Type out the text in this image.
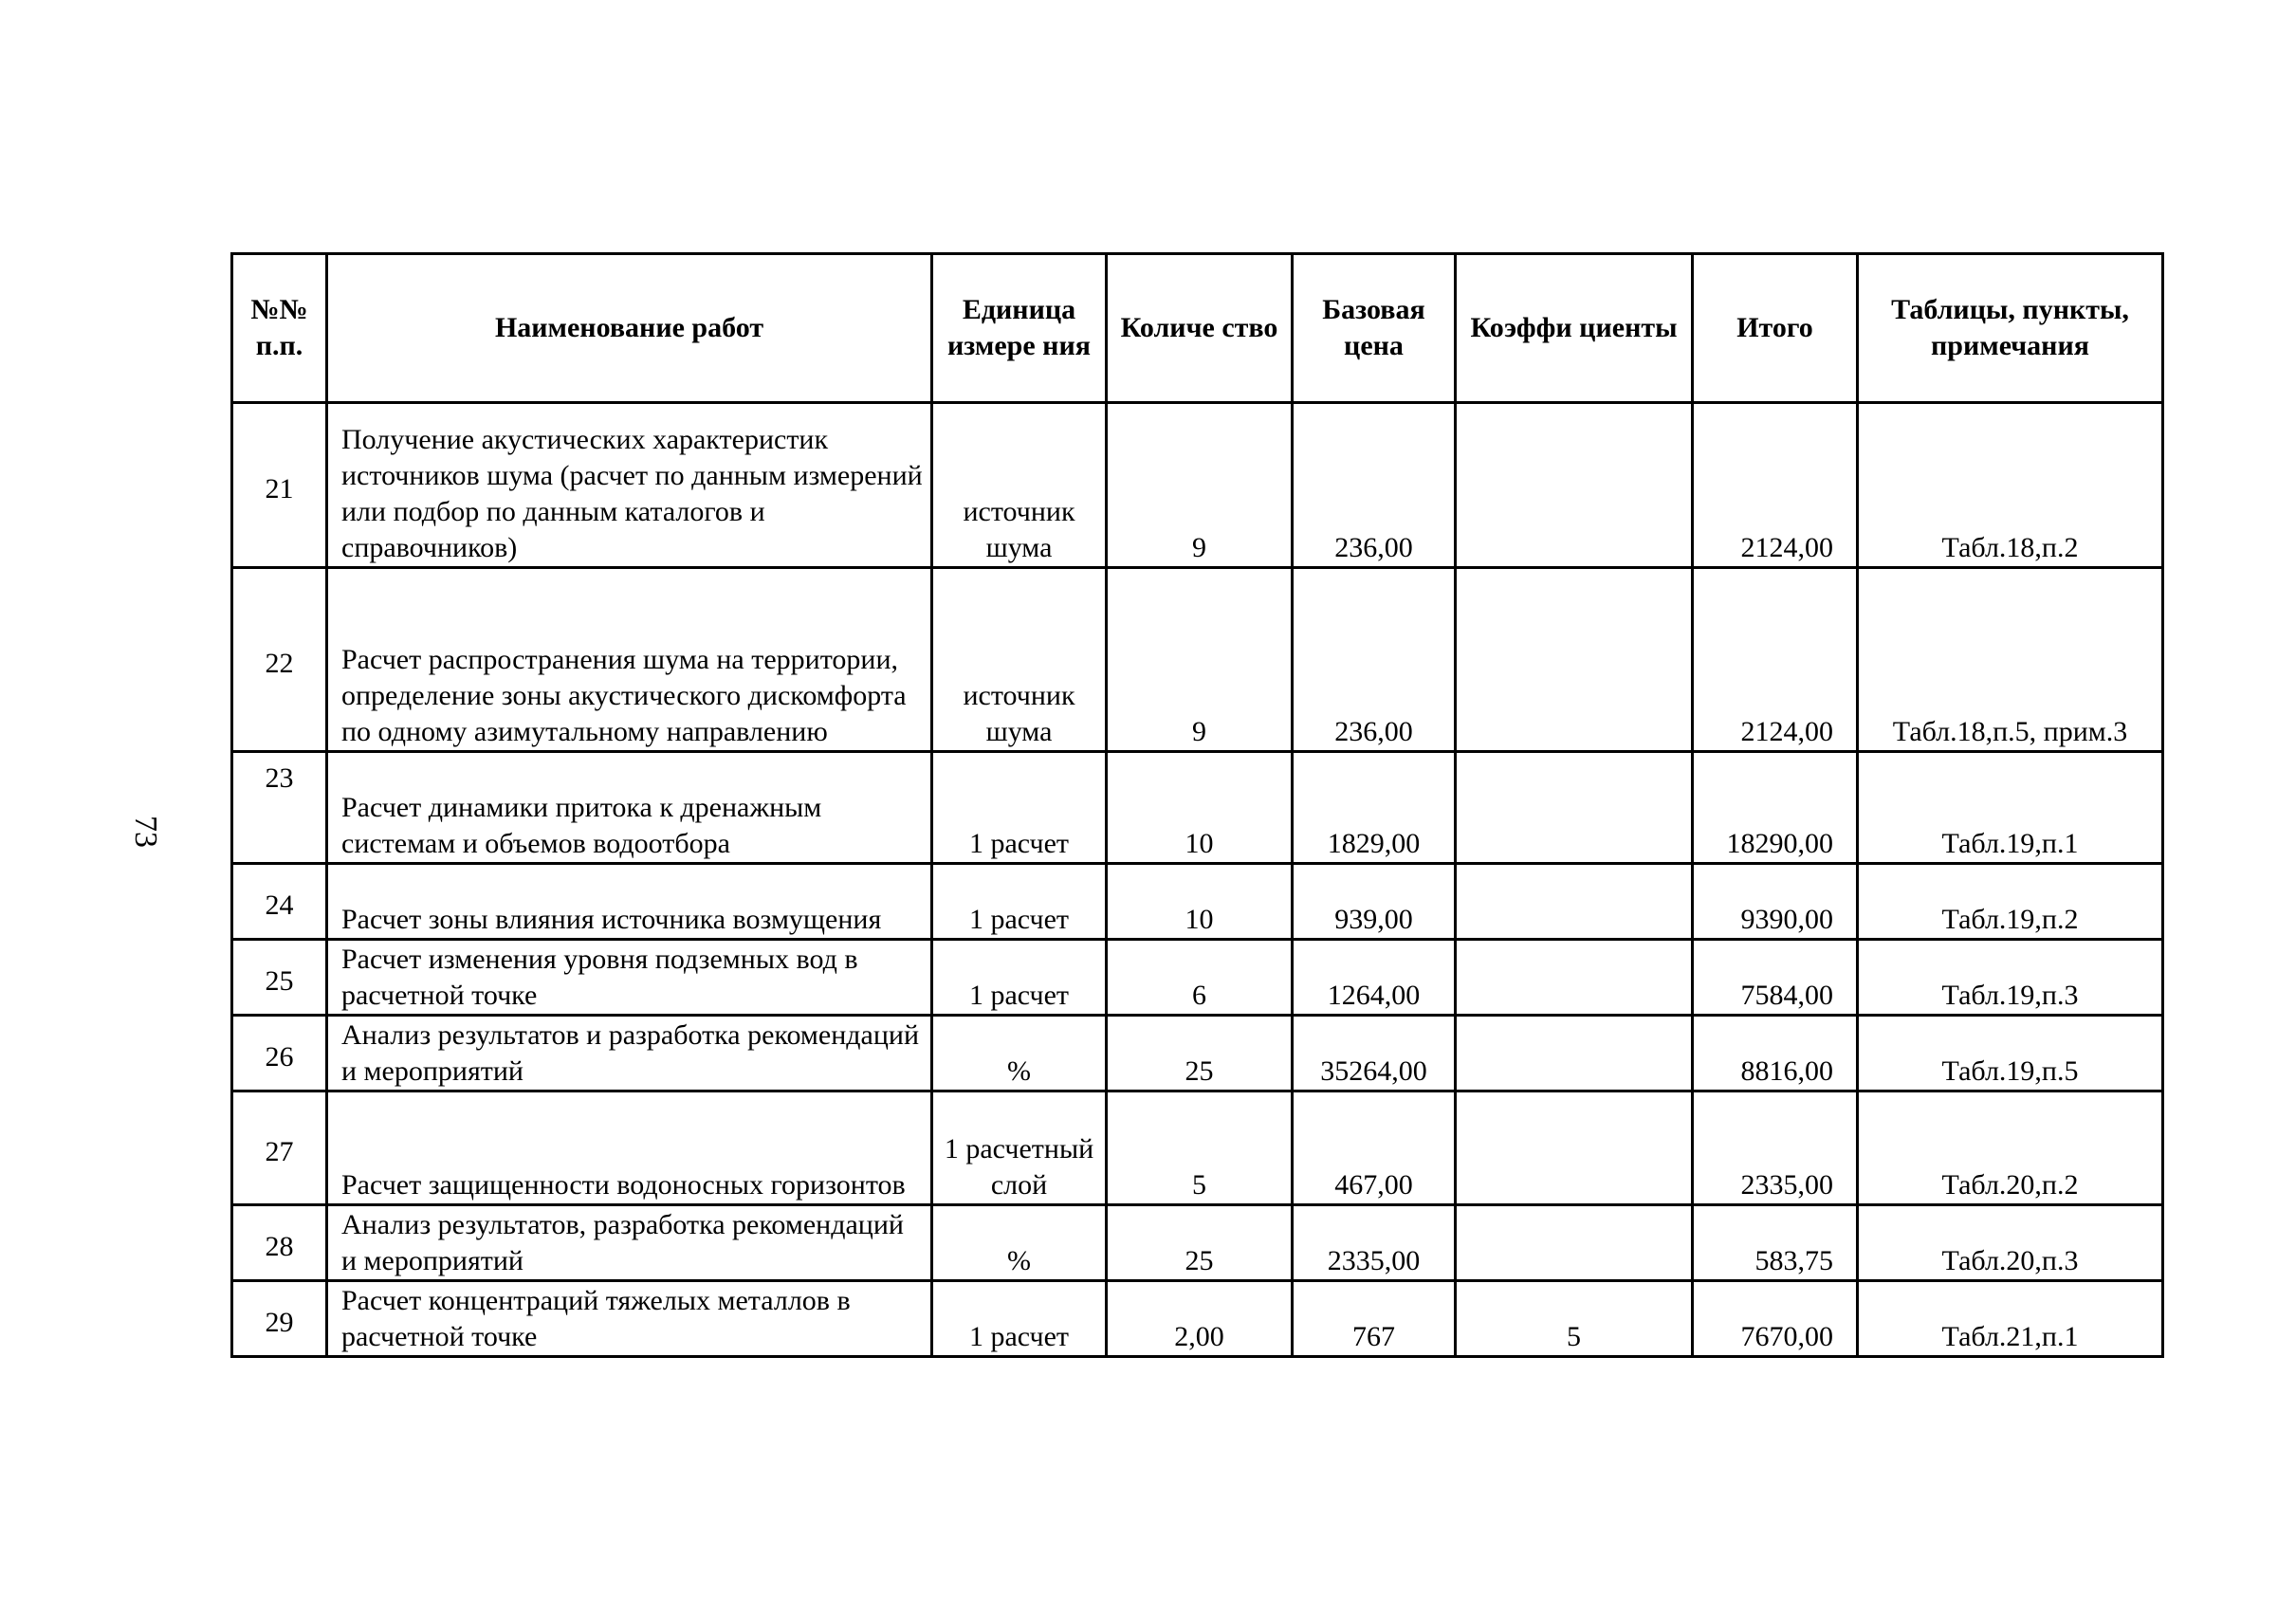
73
№№ п.п.	Наименование работ	Единица измере ния	Количе ство	Базовая цена	Коэффи циенты	Итого	Таблицы, пункты, примечания
21	Получение акустических характеристик источников шума (расчет по данным измерений или подбор по данным каталогов и справочников)	источник шума	9	236,00		2124,00	Табл.18,п.2
22	Расчет распространения шума на территории, определение зоны акустического дискомфорта по одному азимутальному направлению	источник шума	9	236,00		2124,00	Табл.18,п.5, прим.3
23	Расчет динамики притока к дренажным системам и объемов водоотбора	1 расчет	10	1829,00		18290,00	Табл.19,п.1
24	Расчет зоны влияния источника возмущения	1 расчет	10	939,00		9390,00	Табл.19,п.2
25	Расчет изменения уровня подземных вод в расчетной точке	1 расчет	6	1264,00		7584,00	Табл.19,п.3
26	Анализ результатов и разработка рекомендаций и мероприятий	%	25	35264,00		8816,00	Табл.19,п.5
27	Расчет защищенности водоносных горизонтов	1 расчетный слой	5	467,00		2335,00	Табл.20,п.2
28	Анализ результатов, разработка рекомендаций и мероприятий	%	25	2335,00		583,75	Табл.20,п.3
29	Расчет концентраций тяжелых металлов в расчетной точке	1 расчет	2,00	767	5	7670,00	Табл.21,п.1
